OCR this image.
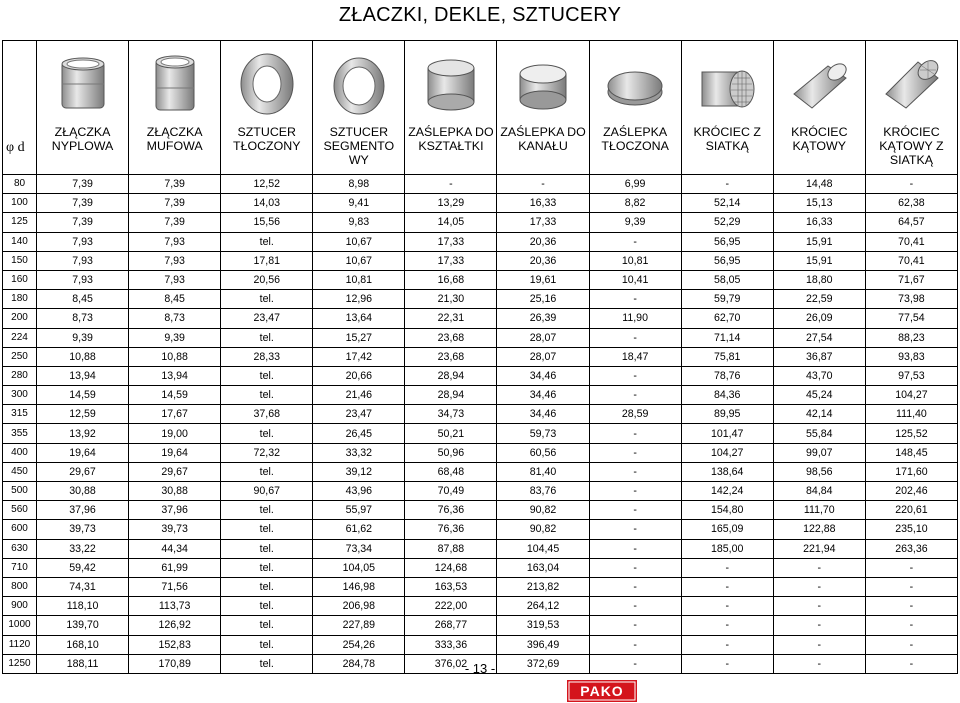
ZŁACZKI, DEKLE, SZTUCERY

φ d	ZŁĄCZKA NYPLOWA	ZŁĄCZKA MUFOWA	SZTUCER TŁOCZONY	SZTUCER SEGMENTO WY	ZAŚLEPKA DO KSZTAŁTKI	ZAŚLEPKA DO KANAŁU	ZAŚLEPKA TŁOCZONA	KRÓCIEC Z SIATKĄ	KRÓCIEC KĄTOWY	KRÓCIEC KĄTOWY Z SIATKĄ
80	7,39	7,39	12,52	8,98	-	-	6,99	-	14,48	-
100	7,39	7,39	14,03	9,41	13,29	16,33	8,82	52,14	15,13	62,38
125	7,39	7,39	15,56	9,83	14,05	17,33	9,39	52,29	16,33	64,57
140	7,93	7,93	tel.	10,67	17,33	20,36	-	56,95	15,91	70,41
150	7,93	7,93	17,81	10,67	17,33	20,36	10,81	56,95	15,91	70,41
160	7,93	7,93	20,56	10,81	16,68	19,61	10,41	58,05	18,80	71,67
180	8,45	8,45	tel.	12,96	21,30	25,16	-	59,79	22,59	73,98
200	8,73	8,73	23,47	13,64	22,31	26,39	11,90	62,70	26,09	77,54
224	9,39	9,39	tel.	15,27	23,68	28,07	-	71,14	27,54	88,23
250	10,88	10,88	28,33	17,42	23,68	28,07	18,47	75,81	36,87	93,83
280	13,94	13,94	tel.	20,66	28,94	34,46	-	78,76	43,70	97,53
300	14,59	14,59	tel.	21,46	28,94	34,46	-	84,36	45,24	104,27
315	12,59	17,67	37,68	23,47	34,73	34,46	28,59	89,95	42,14	111,40
355	13,92	19,00	tel.	26,45	50,21	59,73	-	101,47	55,84	125,52
400	19,64	19,64	72,32	33,32	50,96	60,56	-	104,27	99,07	148,45
450	29,67	29,67	tel.	39,12	68,48	81,40	-	138,64	98,56	171,60
500	30,88	30,88	90,67	43,96	70,49	83,76	-	142,24	84,84	202,46
560	37,96	37,96	tel.	55,97	76,36	90,82	-	154,80	111,70	220,61
600	39,73	39,73	tel.	61,62	76,36	90,82	-	165,09	122,88	235,10
630	33,22	44,34	tel.	73,34	87,88	104,45	-	185,00	221,94	263,36
710	59,42	61,99	tel.	104,05	124,68	163,04	-	-	-	-
800	74,31	71,56	tel.	146,98	163,53	213,82	-	-	-	-
900	118,10	113,73	tel.	206,98	222,00	264,12	-	-	-	-
1000	139,70	126,92	tel.	227,89	268,77	319,53	-	-	-	-
1120	168,10	152,83	tel.	254,26	333,36	396,49	-	-	-	-
1250	188,11	170,89	tel.	284,78	376,02	372,69	-	-	-	-
- 13 -
PAKO
